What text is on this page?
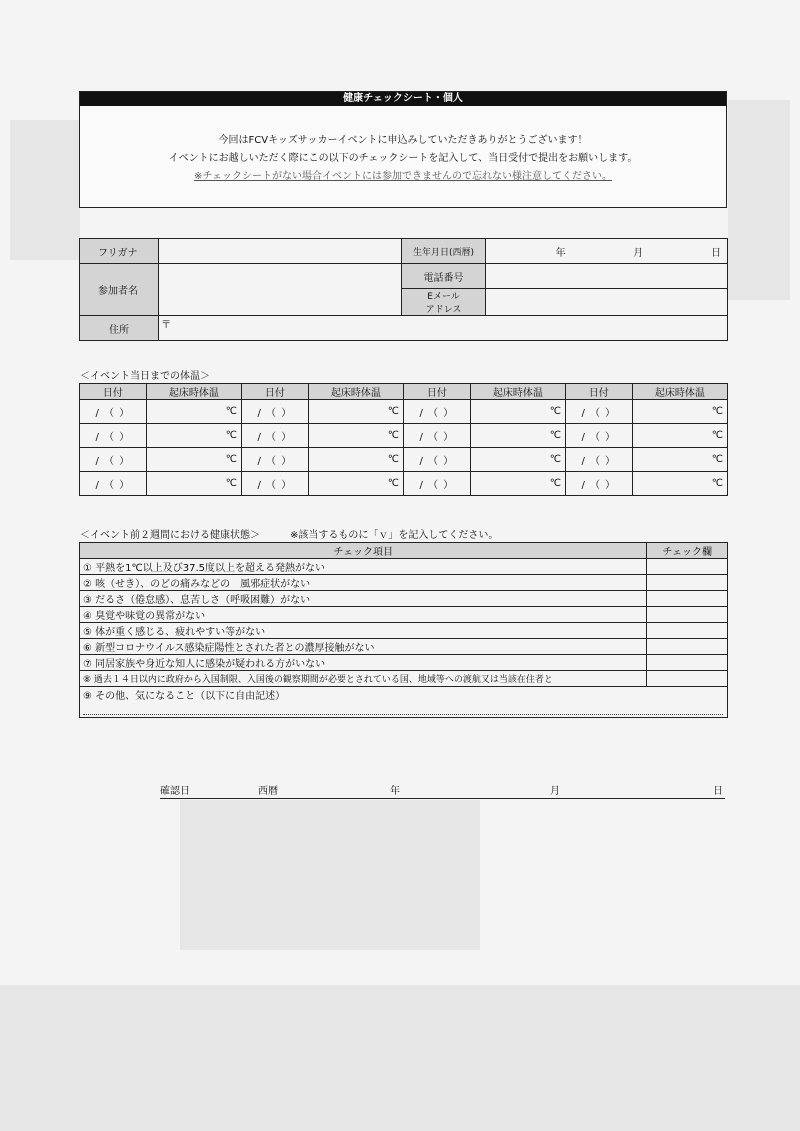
健康チェックシート・個人
今回はFCVキッズサッカーイベントに申込みしていただきありがとうございます！
イベントにお越しいただく際にこの以下のチェックシートを記入して、当日受付で提出をお願いします。
※チェックシートがない場合イベントには参加できませんので忘れない様注意してください。
フリガナ		生年月日(西暦)	年 月 日

参加者名		電話番号	

		Eメール
アドレス	

住所	〒		
＜イベント当日までの体温＞
日付	起床時体温	日付	起床時体温	日付	起床時体温	日付	起床時体温
/ （ ）	℃	/ （ ）	℃	/ （ ）	℃	/ （ ）	℃
/ （ ）	℃	/ （ ）	℃	/ （ ）	℃	/ （ ）	℃
/ （ ）	℃	/ （ ）	℃	/ （ ）	℃	/ （ ）	℃
/ （ ）	℃	/ （ ）	℃	/ （ ）	℃	/ （ ）	℃
＜イベント前２週間における健康状態＞	※該当するものに「ｖ」を記入してください。
チェック項目	チェック欄
① 平熱を1℃以上及び37.5度以上を超える発熱がない	
② 咳（せき）、のどの痛みなどの　風邪症状がない	
③ だるさ（倦怠感）、息苦しさ（呼吸困難）がない	
④ 臭覚や味覚の異常がない	
⑤ 体が重く感じる、疲れやすい等がない	
⑥ 新型コロナウイルス感染症陽性とされた者との濃厚接触がない	
⑦ 同居家族や身近な知人に感染が疑われる方がいない	
⑧ 過去１４日以内に政府から入国制限、入国後の観察期間が必要とされている国、地域等への渡航又は当該在住者と	

⑨ その他、気になること（以下に自由記述）	
確認日	西暦	年	月	日
